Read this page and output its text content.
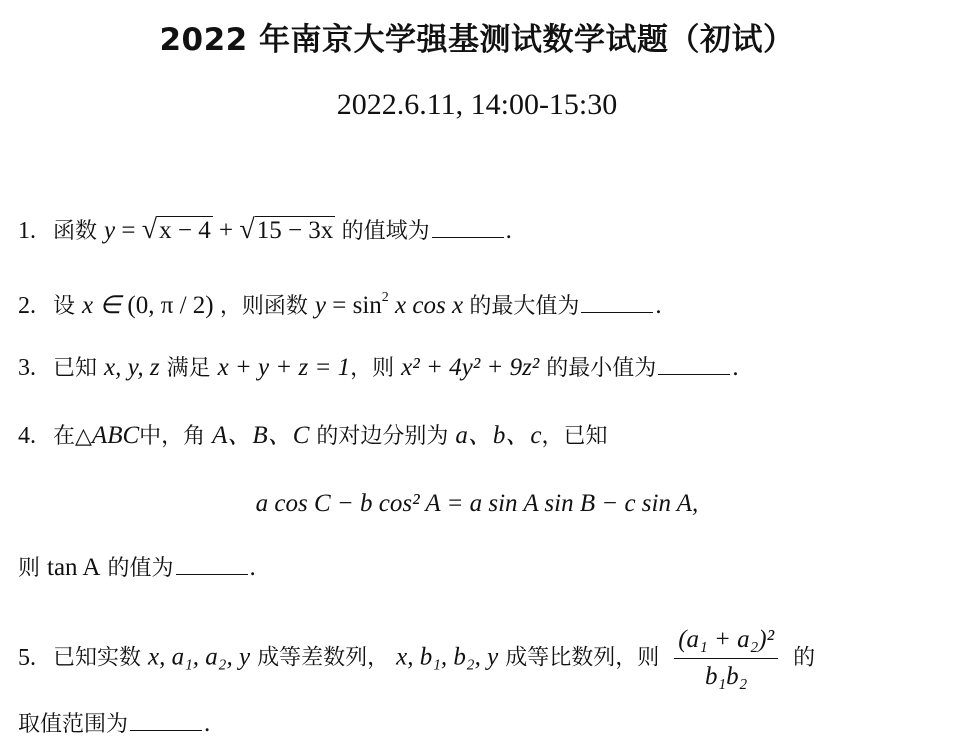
2022 年南京大学强基测试数学试题（初试）
2022.6.11, 14:00-15:30
1. 函数 y = √x − 4 + √15 − 3x 的值域为	.
2. 设 x ∈ (0, π / 2) ，则函数 $y = \sin^2 x$ cos x 的最大值为	.
3. 已知 x, y, z 满足 x + y + z = 1，则 x² + 4y² + 9z² 的最小值为	.
4. 在△ABC中，角 A、B、C 的对边分别为 a、b、c，已知
a cos C − b cos² A = a sin A sin B − c sin A,
则 tan A 的值为	.
5. 已知实数 x, a₁, a₂, y 成等差数列， x, b₁, b₂, y 成等比数列，则 $\frac{\text{(a₁ + a₂)²}}{\text{b₁b₂}}$ 的
取值范围为	.
